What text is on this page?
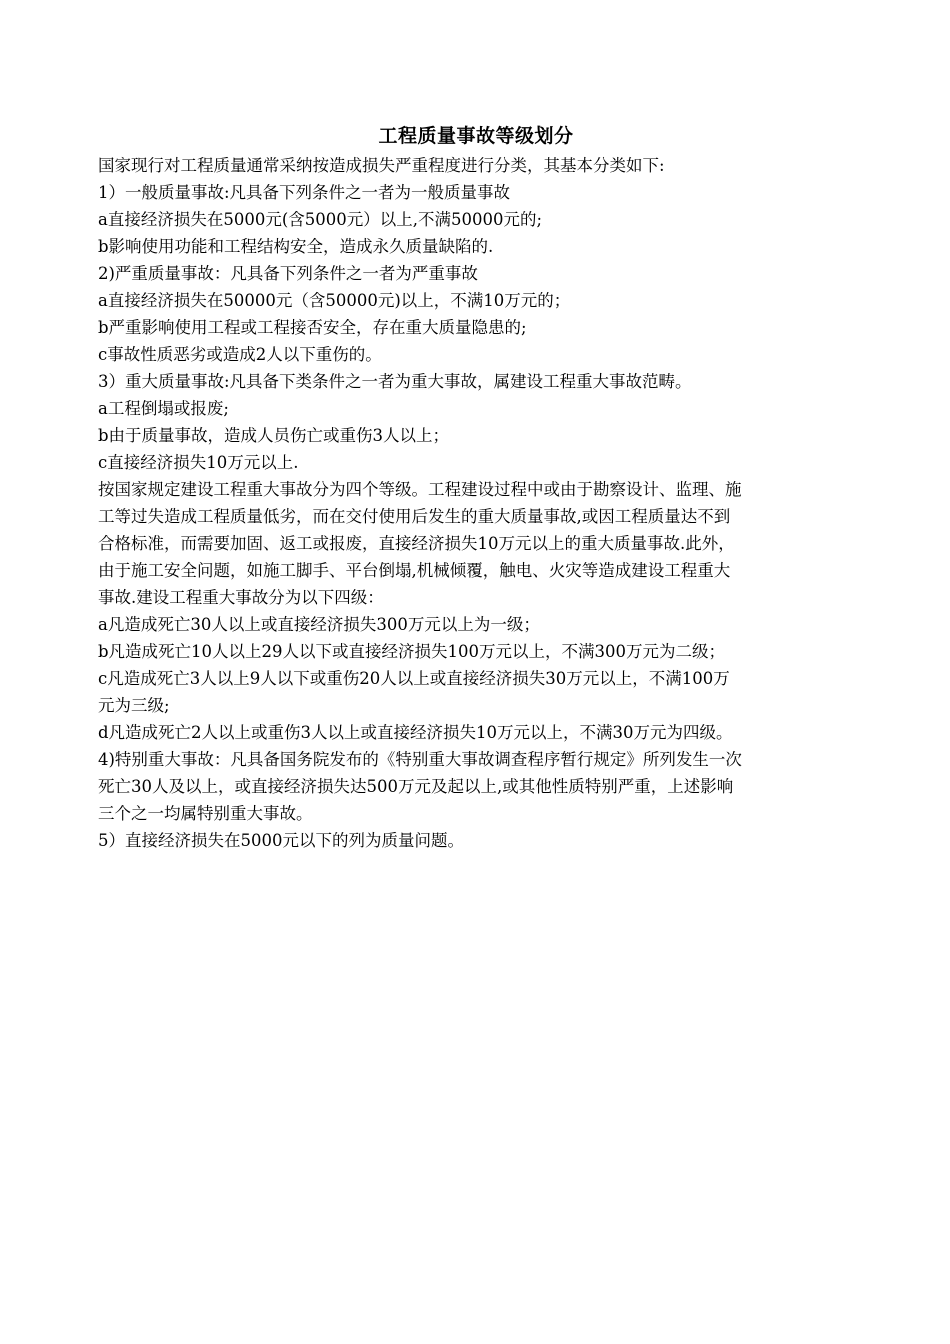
工程质量事故等级划分

国家现行对工程质量通常采纳按造成损失严重程度进行分类，其基本分类如下:

1）一般质量事故:凡具备下列条件之一者为一般质量事故

a直接经济损失在5000元(含5000元）以上,不满50000元的;

b影响使用功能和工程结构安全，造成永久质量缺陷的.

2)严重质量事故：凡具备下列条件之一者为严重事故

a直接经济损失在50000元（含50000元)以上，不满10万元的；

b严重影响使用工程或工程接否安全，存在重大质量隐患的;

c事故性质恶劣或造成2人以下重伤的。

3）重大质量事故:凡具备下类条件之一者为重大事故，属建设工程重大事故范畴。

a工程倒塌或报废;

b由于质量事故，造成人员伤亡或重伤3人以上；

c直接经济损失10万元以上.

按国家规定建设工程重大事故分为四个等级。工程建设过程中或由于勘察设计、监理、施

工等过失造成工程质量低劣，而在交付使用后发生的重大质量事故,或因工程质量达不到

合格标准，而需要加固、返工或报废，直接经济损失10万元以上的重大质量事故.此外，

由于施工安全问题，如施工脚手、平台倒塌,机械倾覆，触电、火灾等造成建设工程重大

事故.建设工程重大事故分为以下四级：

a凡造成死亡30人以上或直接经济损失300万元以上为一级；

b凡造成死亡10人以上29人以下或直接经济损失100万元以上，不满300万元为二级；

c凡造成死亡3人以上9人以下或重伤20人以上或直接经济损失30万元以上，不满100万

元为三级;

d凡造成死亡2人以上或重伤3人以上或直接经济损失10万元以上，不满30万元为四级。

4)特别重大事故：凡具备国务院发布的《特别重大事故调查程序暂行规定》所列发生一次

死亡30人及以上，或直接经济损失达500万元及起以上,或其他性质特别严重，上述影响

三个之一均属特别重大事故。

5）直接经济损失在5000元以下的列为质量问题。
